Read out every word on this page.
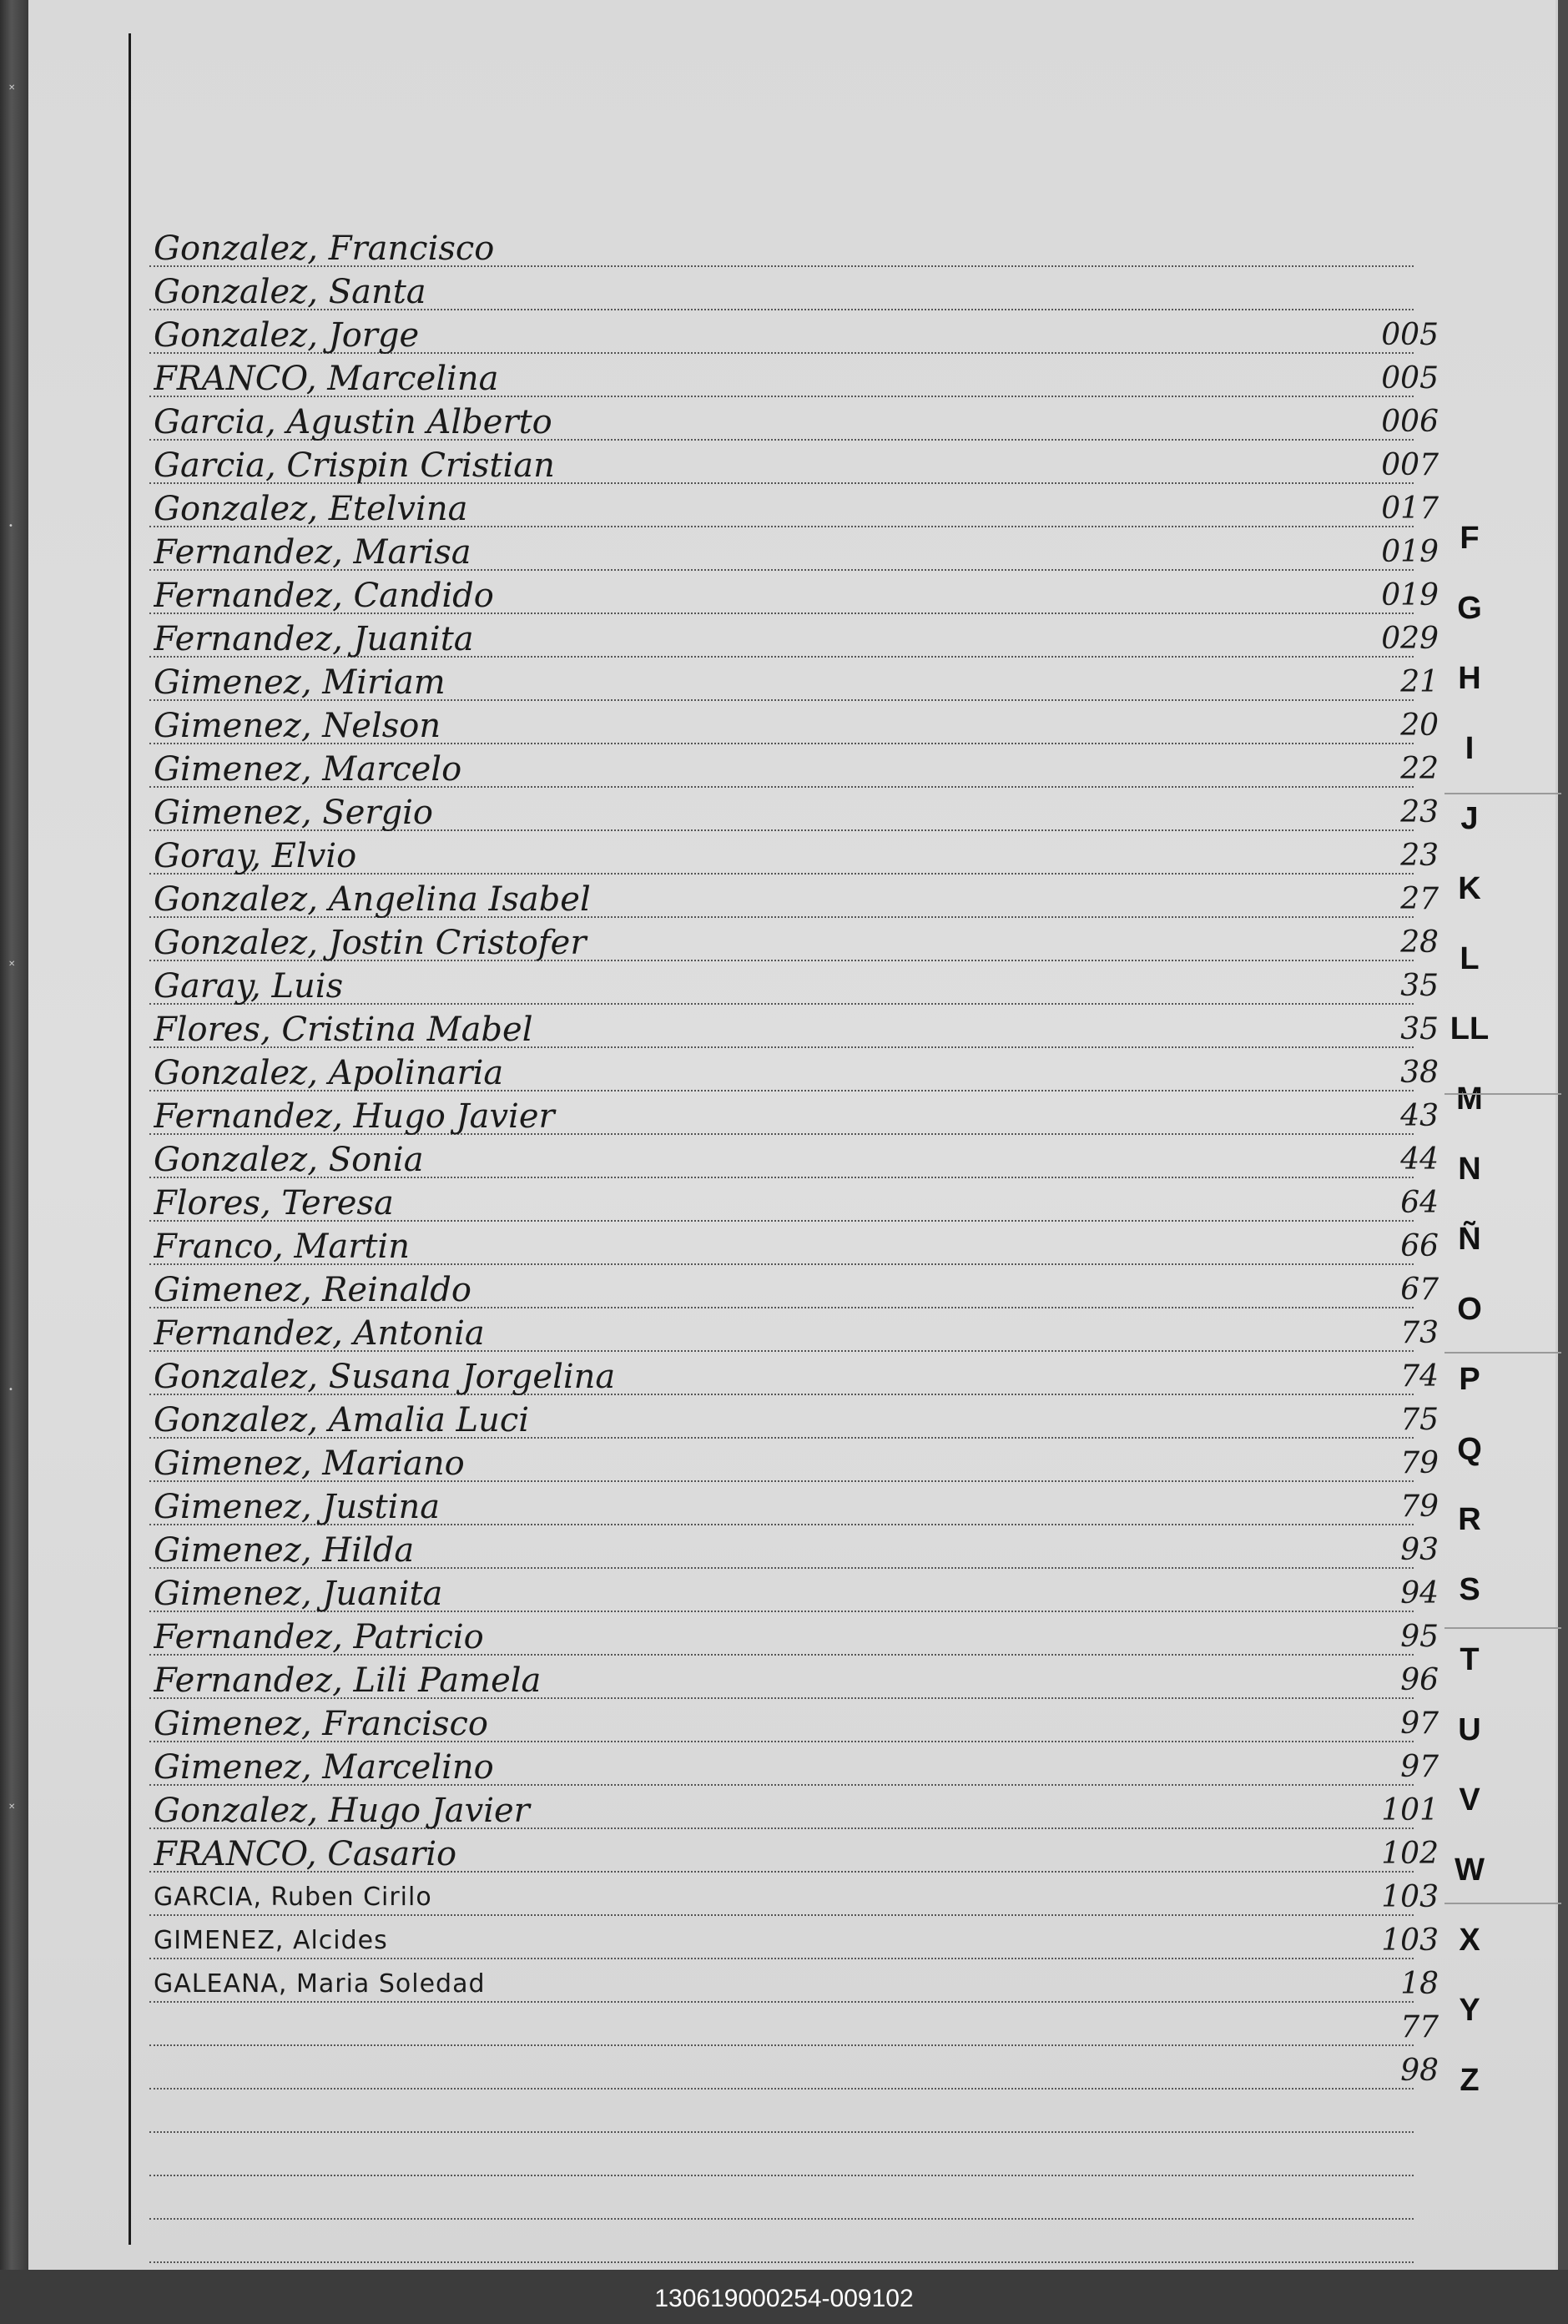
✕
•
✕
•
✕
Gonzalez, Francisco
Gonzalez, Santa
005
Gonzalez, Jorge
005
FRANCO, Marcelina
006
Garcia, Agustin Alberto
007
Garcia, Crispin Cristian
017
Gonzalez, Etelvina
019
Fernandez, Marisa
019
Fernandez, Candido
029
Fernandez, Juanita
21
Gimenez, Miriam
20
Gimenez, Nelson
22
Gimenez, Marcelo
23
Gimenez, Sergio
23
Goray, Elvio
27
Gonzalez, Angelina Isabel
28
Gonzalez, Jostin Cristofer
35
Garay, Luis
35
Flores, Cristina Mabel
38
Gonzalez, Apolinaria
43
Fernandez, Hugo Javier
44
Gonzalez, Sonia
64
Flores, Teresa
66
Franco, Martin
67
Gimenez, Reinaldo
73
Fernandez, Antonia
74
Gonzalez, Susana Jorgelina
75
Gonzalez, Amalia Luci
79
Gimenez, Mariano
79
Gimenez, Justina
93
Gimenez, Hilda
94
Gimenez, Juanita
95
Fernandez, Patricio
96
Fernandez, Lili Pamela
97
Gimenez, Francisco
97
Gimenez, Marcelino
101
Gonzalez, Hugo Javier
102
FRANCO, Casario
103
GARCIA, Ruben Cirilo
103
GIMENEZ, Alcides
18
GALEANA, Maria Soledad
77
98
F
G
H
I
J
K
L
LL
M
N
Ñ
O
P
Q
R
S
T
U
V
W
X
Y
Z
130619000254-009102
